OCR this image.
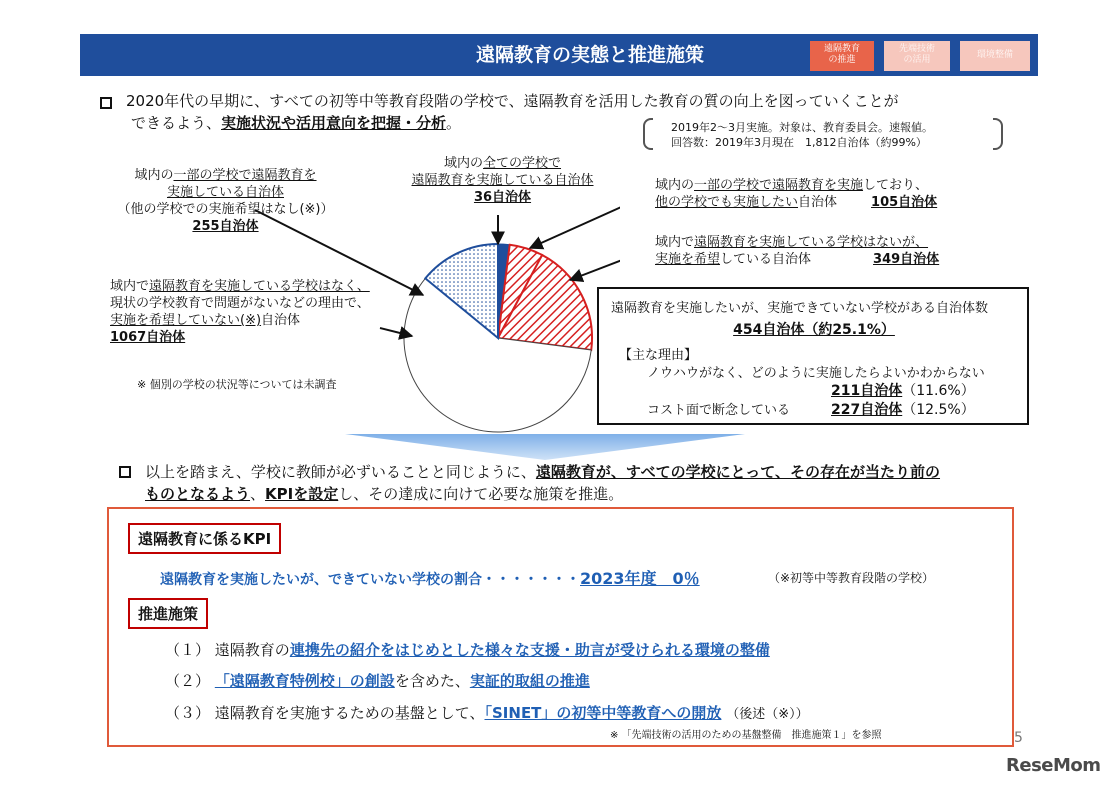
遠隔教育の実態と推進施策	遠隔教育
の推進
先端技術
の活用	環境整備
2020年代の早期に、すべての初等中等教育段階の学校で、遠隔教育を活用した教育の質の向上を図っていくことが
できるよう、実施状況や活用意向を把握・分析。	2019年2～3月実施。対象は、教育委員会。速報値。
回答数：2019年3月現在　1,812自治体（約99%）
域内の一部の学校で遠隔教育を
実施している自治体
（他の学校での実施希望はなし(※)）
255自治体
域内の全ての学校で
遠隔教育を実施している自治体
36自治体
域内の一部の学校で遠隔教育を実施しており、
他の学校でも実施したい自治体	105自治体
域内で遠隔教育を実施している学校はないが、
実施を希望している自治体	349自治体
域内で遠隔教育を実施している学校はなく、
現状の学校教育で問題がないなどの理由で、
実施を希望していない(※)自治体
1067自治体
※ 個別の学校の状況等については未調査
遠隔教育を実施したいが、実施できていない学校がある自治体数
454自治体（約25.1%）
【主な理由】
ノウハウがなく、どのように実施したらよいかわからない
211自治体（11.6%）
コスト面で断念している	227自治体（12.5%）
以上を踏まえ、学校に教師が必ずいることと同じように、遠隔教育が、すべての学校にとって、その存在が当たり前の
ものとなるよう、KPIを設定し、その達成に向けて必要な施策を推進。
遠隔教育に係るKPI
遠隔教育を実施したいが、できていない学校の割合・・・・・・・2023年度　0％	（※初等中等教育段階の学校）
推進施策
（１） 遠隔教育の連携先の紹介をはじめとした様々な支援・助言が受けられる環境の整備
（２） 「遠隔教育特例校」の創設を含めた、実証的取組の推進
（３） 遠隔教育を実施するための基盤として、「SINET」の初等中等教育への開放 （後述（※））
※ 「先端技術の活用のための基盤整備　推進施策１」を参照	5
ReseMom
